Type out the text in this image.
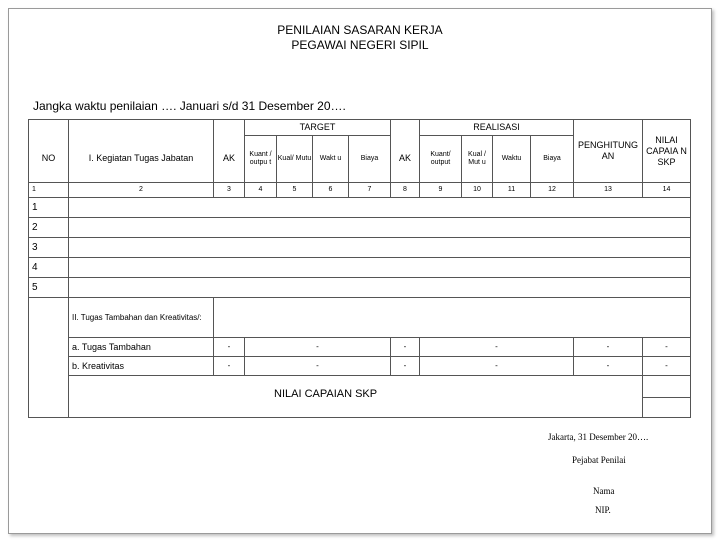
PENILAIAN SASARAN KERJA
PEGAWAI NEGERI SIPIL
Jangka waktu penilaian …. Januari s/d 31 Desember 20….
			TARGET					REALISASI				PENGHITUNG AN	NILAI CAPAIA N SKP
NO	I. Kegiatan Tugas Jabatan	AK	Kuant / outpu t	Kual/ Mutu	Wakt u	Biaya	AK	Kuant/ output	Kual / Mut u	Waktu	Biaya		
1	2	3	4	5	6	7	8	9	10	11	12	13	14
1													
2													
3													
4													
5													
	II. Tugas Tambahan dan Kreativitas/:												
	a. Tugas Tambahan	-	-				-	-				-	-
	b. Kreativitas	-	-				-	-				-	-

NILAI CAPAIAN SKP
Jakarta, 31 Desember 20….
Pejabat Penilai
Nama
NIP.
